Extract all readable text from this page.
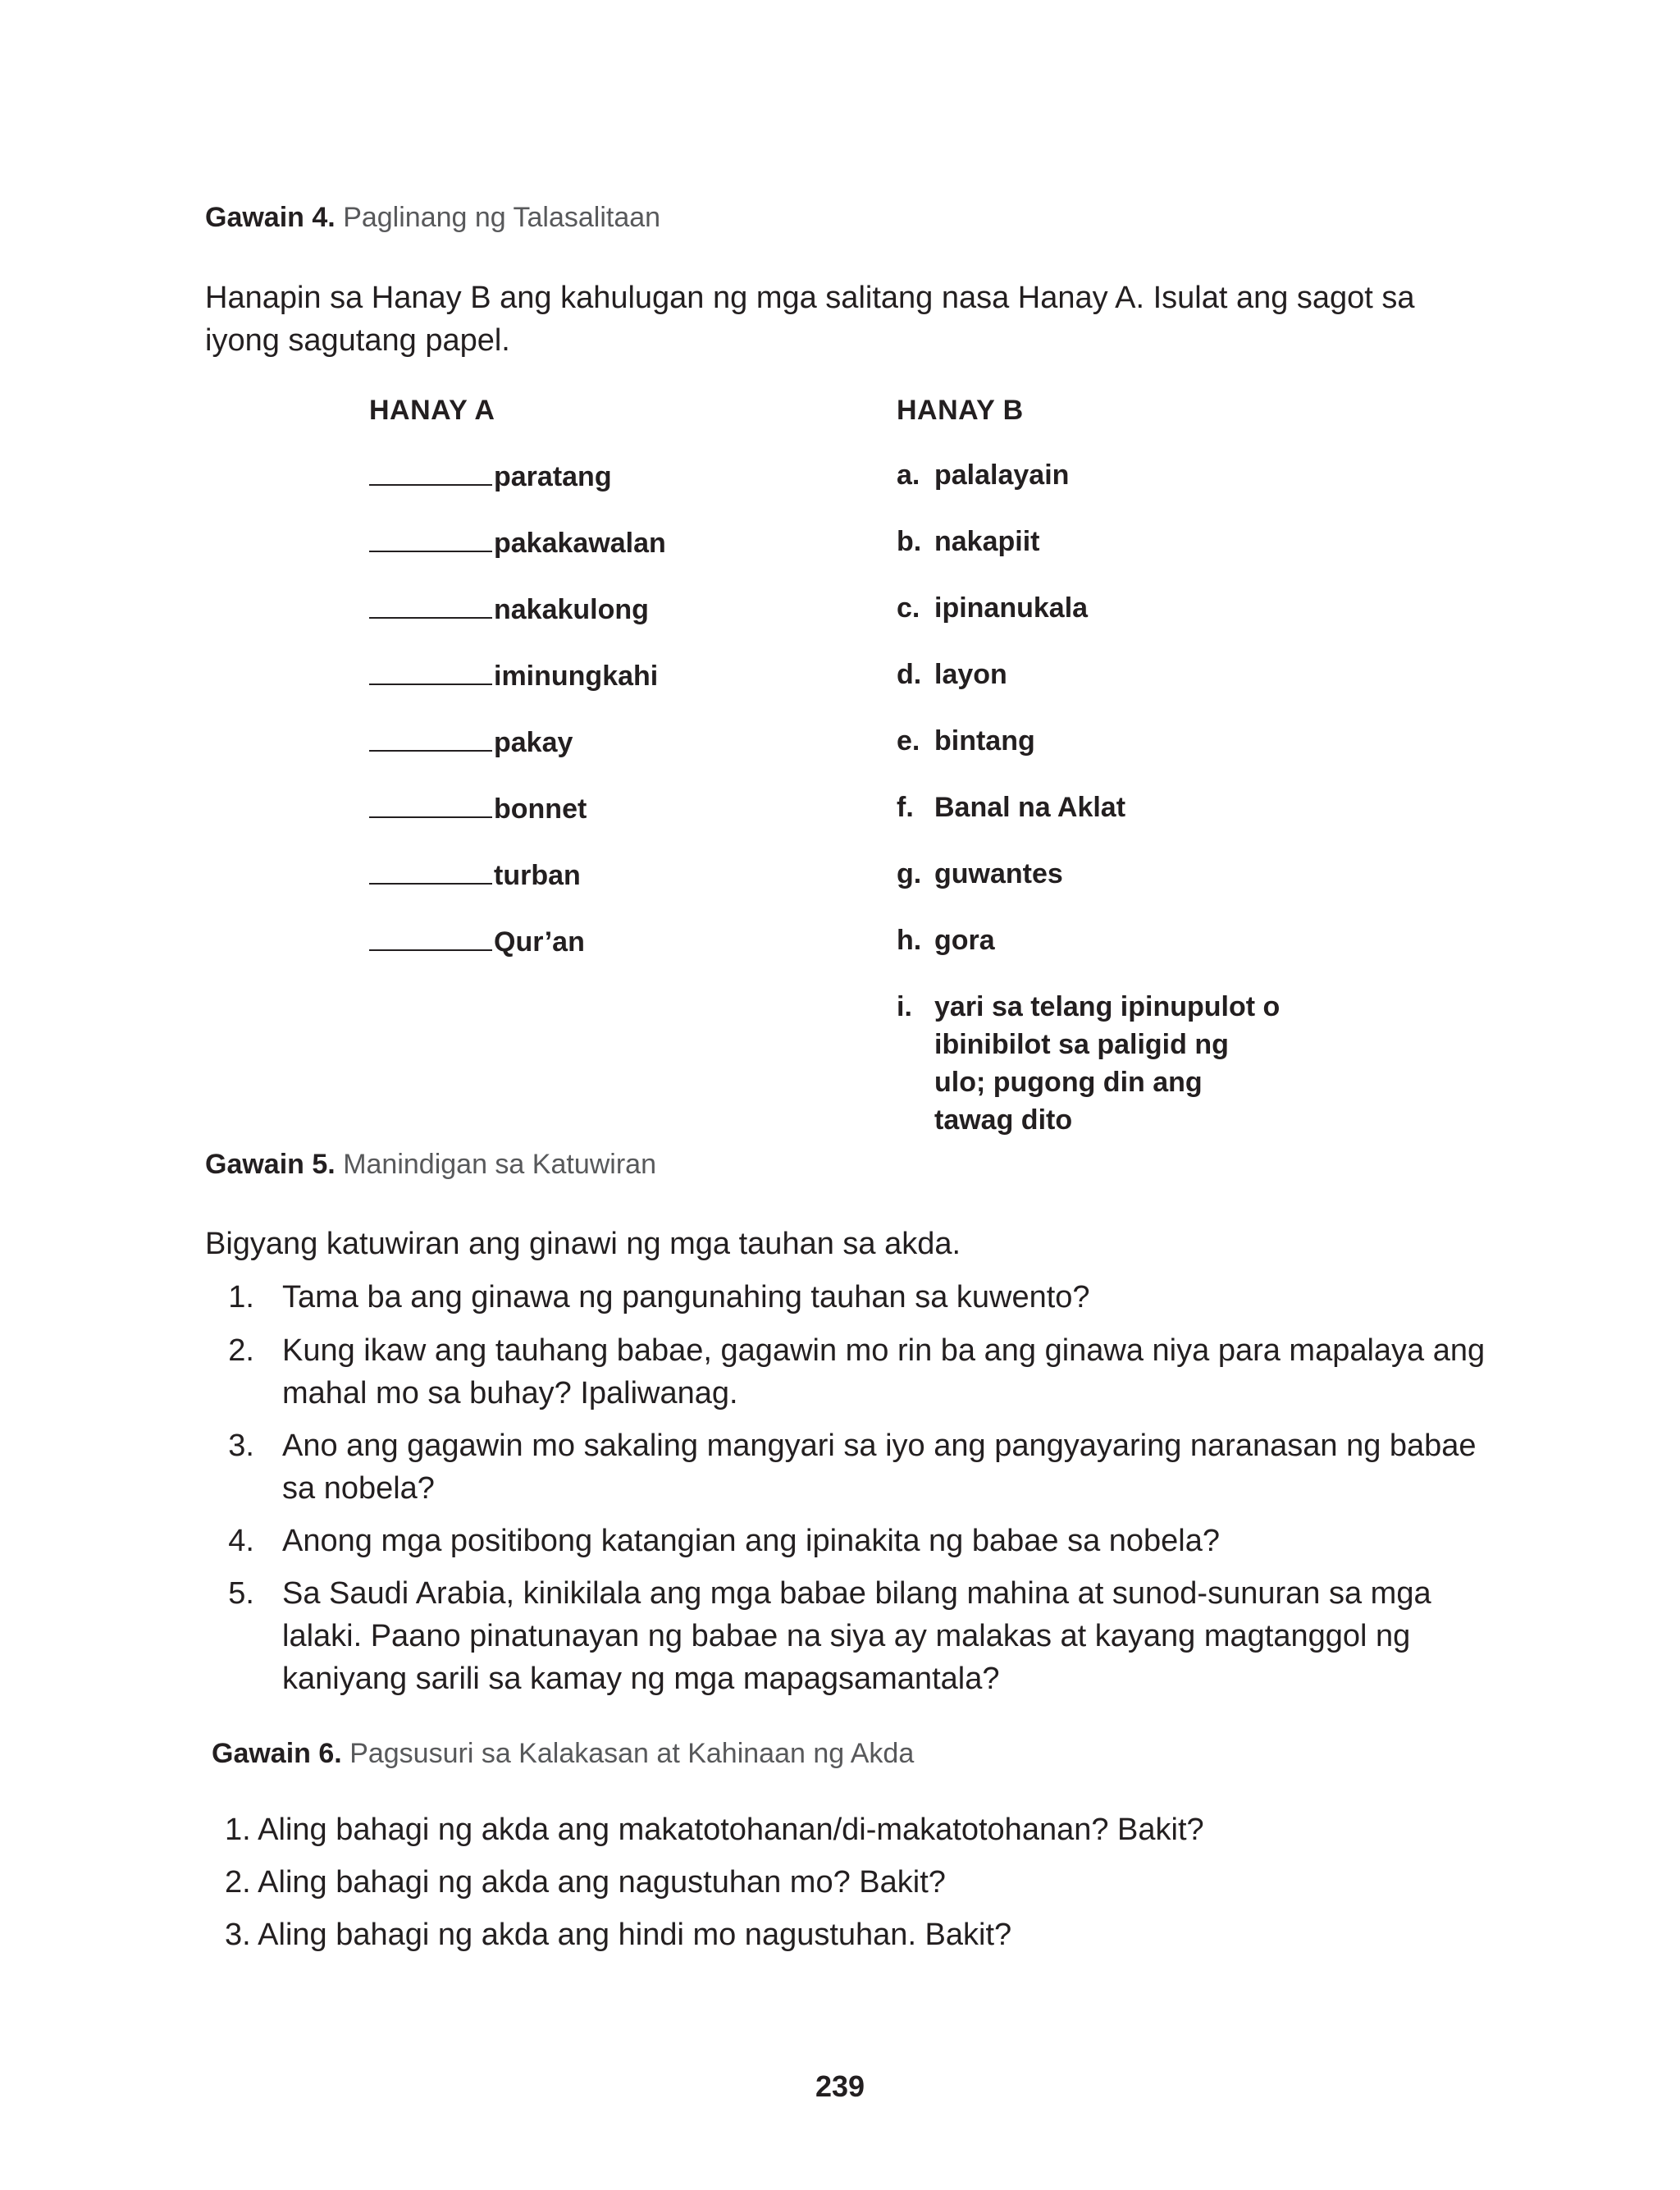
Gawain 4. Paglinang ng Talasalitaan
Hanapin sa Hanay B ang kahulugan ng mga salitang nasa Hanay A. Isulat ang sagot sa iyong sagutang papel.
HANAY A	HANAY B
paratang
pakakawalan
nakakulong
iminungkahi
pakay
bonnet
turban
Qur’an
a. palalayain
b. nakapiit
c. ipinanukala
d. layon
e. bintang
f. Banal na Aklat
g. guwantes
h. gora
i. yari sa telang ipinupulot o ibinibilot sa paligid ng ulo; pugong din ang tawag dito
Gawain 5. Manindigan sa Katuwiran
Bigyang katuwiran ang ginawi ng mga tauhan sa akda.
1. Tama ba ang ginawa ng pangunahing tauhan sa kuwento?
2. Kung ikaw ang tauhang babae, gagawin mo rin ba ang ginawa niya para mapalaya ang mahal mo sa buhay? Ipaliwanag.
3. Ano ang gagawin mo sakaling mangyari sa iyo ang pangyayaring naranasan ng babae sa nobela?
4. Anong mga positibong katangian ang ipinakita ng babae sa nobela?
5. Sa Saudi Arabia, kinikilala ang mga babae bilang mahina at sunod-sunuran sa mga lalaki. Paano pinatunayan ng babae na siya ay malakas at kayang magtanggol ng kaniyang sarili sa kamay ng mga mapagsamantala?
Gawain 6. Pagsusuri sa Kalakasan at Kahinaan ng Akda
1. Aling bahagi ng akda ang makatotohanan/di-makatotohanan? Bakit?
2. Aling bahagi ng akda ang nagustuhan mo? Bakit?
3. Aling bahagi ng akda ang hindi mo nagustuhan. Bakit?
239
